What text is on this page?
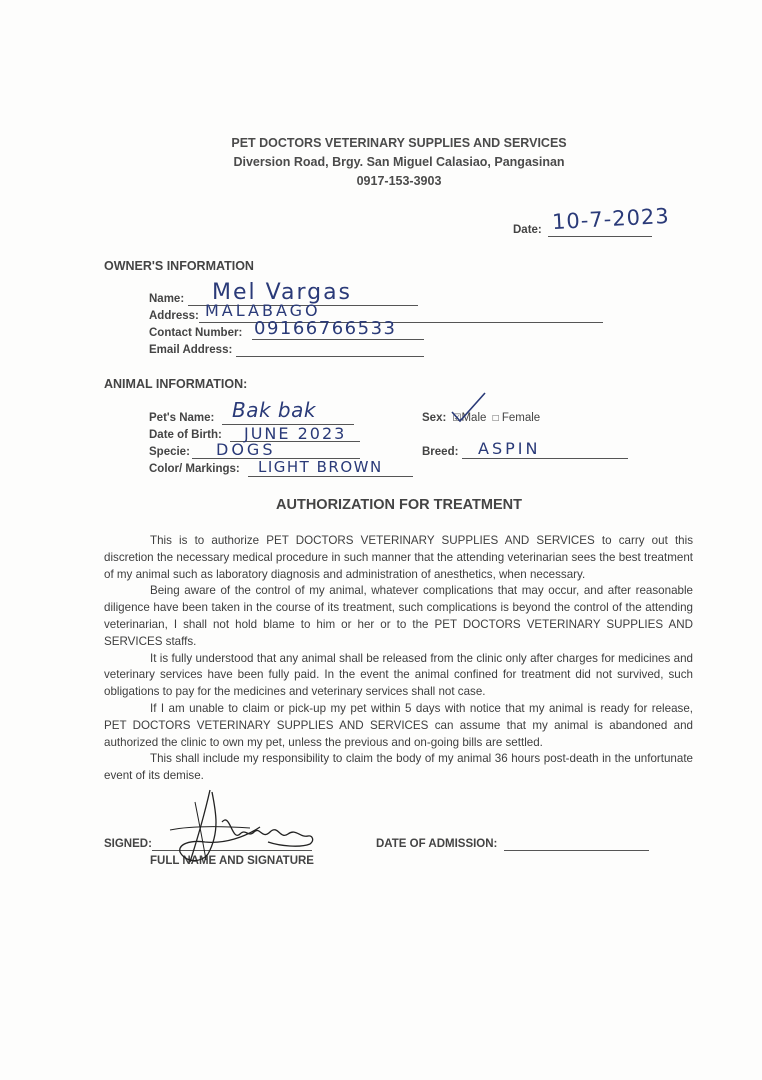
PET DOCTORS VETERINARY SUPPLIES AND SERVICES
Diversion Road, Brgy. San Miguel Calasiao, Pangasinan
0917-153-3903
Date: 10-7-2023
OWNER'S INFORMATION
Name: Mel Vargas
Address: MALABAGO
Contact Number: 09166766533
Email Address:
ANIMAL INFORMATION:
Pet's Name: Bak bak
Date of Birth: JUNE 2023
Specie: DOGS
Color/ Markings: LIGHT BROWN
Sex: ☑Male □ Female
Breed: ASPIN
AUTHORIZATION FOR TREATMENT

This is to authorize PET DOCTORS VETERINARY SUPPLIES AND SERVICES to carry out this discretion the necessary medical procedure in such manner that the attending veterinarian sees the best treatment of my animal such as laboratory diagnosis and administration of anesthetics, when necessary.

Being aware of the control of my animal, whatever complications that may occur, and after reasonable diligence have been taken in the course of its treatment, such complications is beyond the control of the attending veterinarian, I shall not hold blame to him or her or to the PET DOCTORS VETERINARY SUPPLIES AND SERVICES staffs.

It is fully understood that any animal shall be released from the clinic only after charges for medicines and veterinary services have been fully paid. In the event the animal confined for treatment did not survived, such obligations to pay for the medicines and veterinary services shall not case.

If I am unable to claim or pick-up my pet within 5 days with notice that my animal is ready for release, PET DOCTORS VETERINARY SUPPLIES AND SERVICES can assume that my animal is abandoned and authorized the clinic to own my pet, unless the previous and on-going bills are settled.

This shall include my responsibility to claim the body of my animal 36 hours post-death in the unfortunate event of its demise.

SIGNED:
FULL NAME AND SIGNATURE
DATE OF ADMISSION:
